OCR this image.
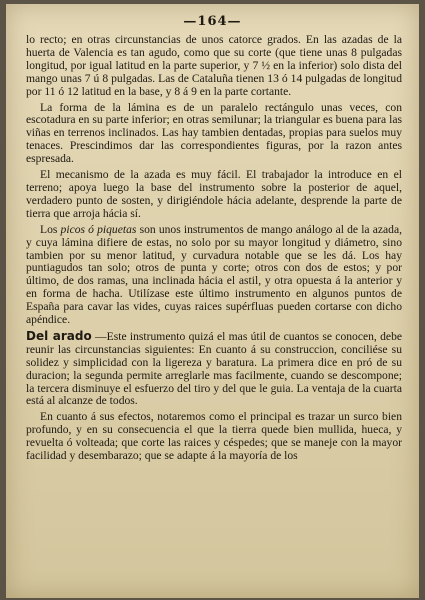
—164—

lo recto; en otras circunstancias de unos catorce grados. En las azadas de la huerta de Valencia es tan agudo, como que su corte (que tiene unas 8 pulgadas longitud, por igual latitud en la parte superior, y 7 ½ en la inferior) solo dista del mango unas 7 ú 8 pulgadas. Las de Cataluña tienen 13 ó 14 pulgadas de longitud por 11 ó 12 latitud en la base, y 8 á 9 en la parte cortante.

La forma de la lámina es de un paralelo rectángulo unas veces, con escotadura en su parte inferior; en otras semilunar; la triangular es buena para las viñas en terrenos inclinados. Las hay tambien dentadas, propias para suelos muy tenaces. Prescindimos dar las correspondientes figuras, por la razon antes espresada.

El mecanismo de la azada es muy fácil. El trabajador la introduce en el terreno; apoya luego la base del instrumento sobre la posterior de aquel, verdadero punto de sosten, y dirigiéndole hácia adelante, desprende la parte de tierra que arroja hácia sí.

Los picos ó piquetas son unos instrumentos de mango análogo al de la azada, y cuya lámina difiere de estas, no solo por su mayor longitud y diámetro, sino tambien por su menor latitud, y curvadura notable que se les dá. Los hay puntiagudos tan solo; otros de punta y corte; otros con dos de estos; y por último, de dos ramas, una inclinada hácia el astil, y otra opuesta á la anterior y en forma de hacha. Utilízase este último instrumento en algunos puntos de España para cavar las vides, cuyas raices supérfluas pueden cortarse con dicho apéndice.

Del arado —Este instrumento quizá el mas útil de cuantos se conocen, debe reunir las circunstancias siguientes: En cuanto á su construccion, conciliése su solidez y simplicidad con la ligereza y baratura. La primera dice en pró de su duracion; la segunda permite arreglarle mas facilmente, cuando se descompone; la tercera disminuye el esfuerzo del tiro y del que le guia. La ventaja de la cuarta está al alcanze de todos.

En cuanto á sus efectos, notaremos como el principal es trazar un surco bien profundo, y en su consecuencia el que la tierra quede bien mullida, hueca, y revuelta ó volteada; que corte las raices y céspedes; que se maneje con la mayor facilidad y desembarazo; que se adapte á la mayoría de los
